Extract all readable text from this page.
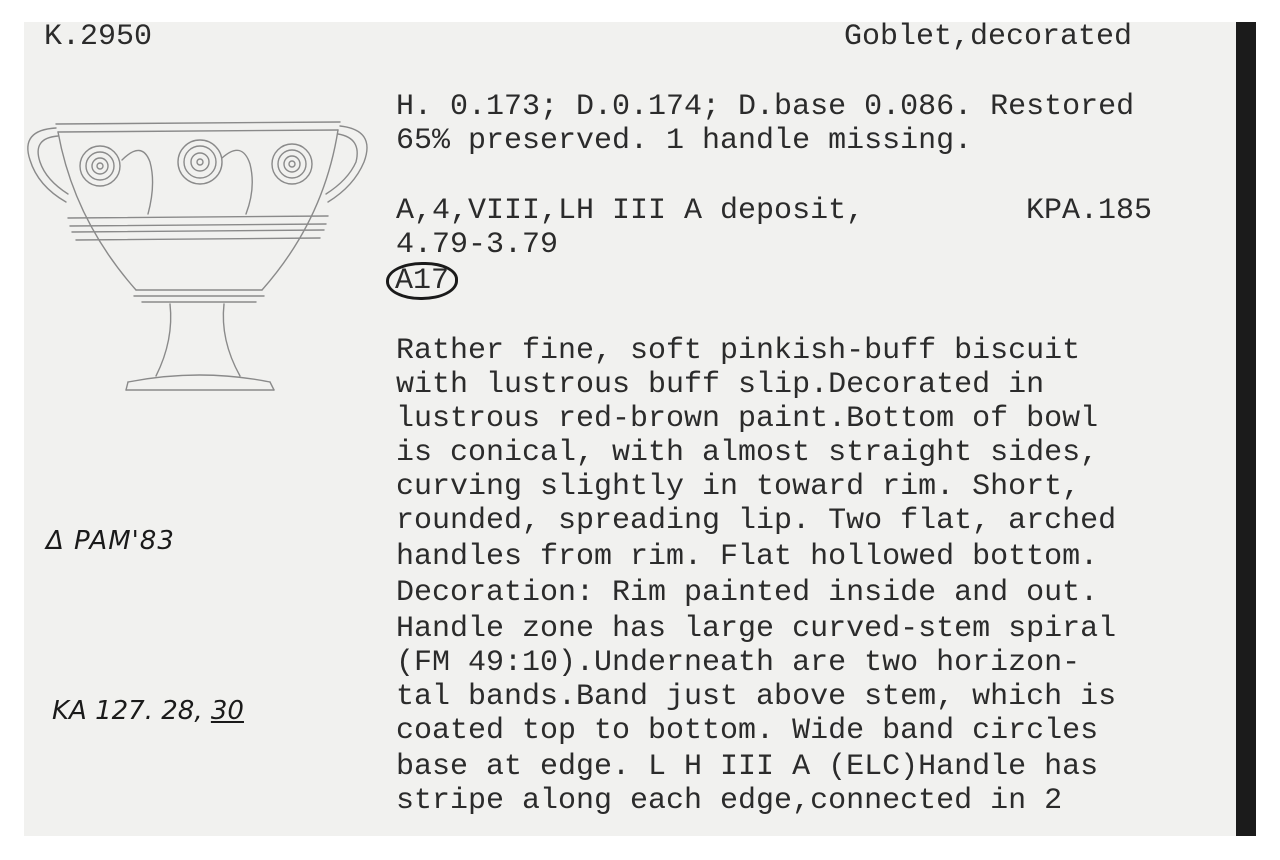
K.2950	Goblet,decorated
H. 0.173; D.0.174; D.base 0.086. Restored
65% preserved. 1 handle missing.
A,4,VIII,LH III A deposit,	KPA.185
4.79-3.79
A17
Rather fine, soft pinkish-buff biscuit
with lustrous buff slip.Decorated in
lustrous red-brown paint.Bottom of bowl
is conical, with almost straight sides,
curving slightly in toward rim. Short,
rounded, spreading lip. Two flat, arched
handles from rim. Flat hollowed bottom.
Decoration: Rim painted inside and out.
Handle zone has large curved-stem spiral
(FM 49:10).Underneath are two horizon-
tal bands.Band just above stem, which is
coated top to bottom. Wide band circles
base at edge. L H III A (ELC)Handle has
stripe along each edge,connected in 2
Δ PAM'83
KA 127. 28, 30
